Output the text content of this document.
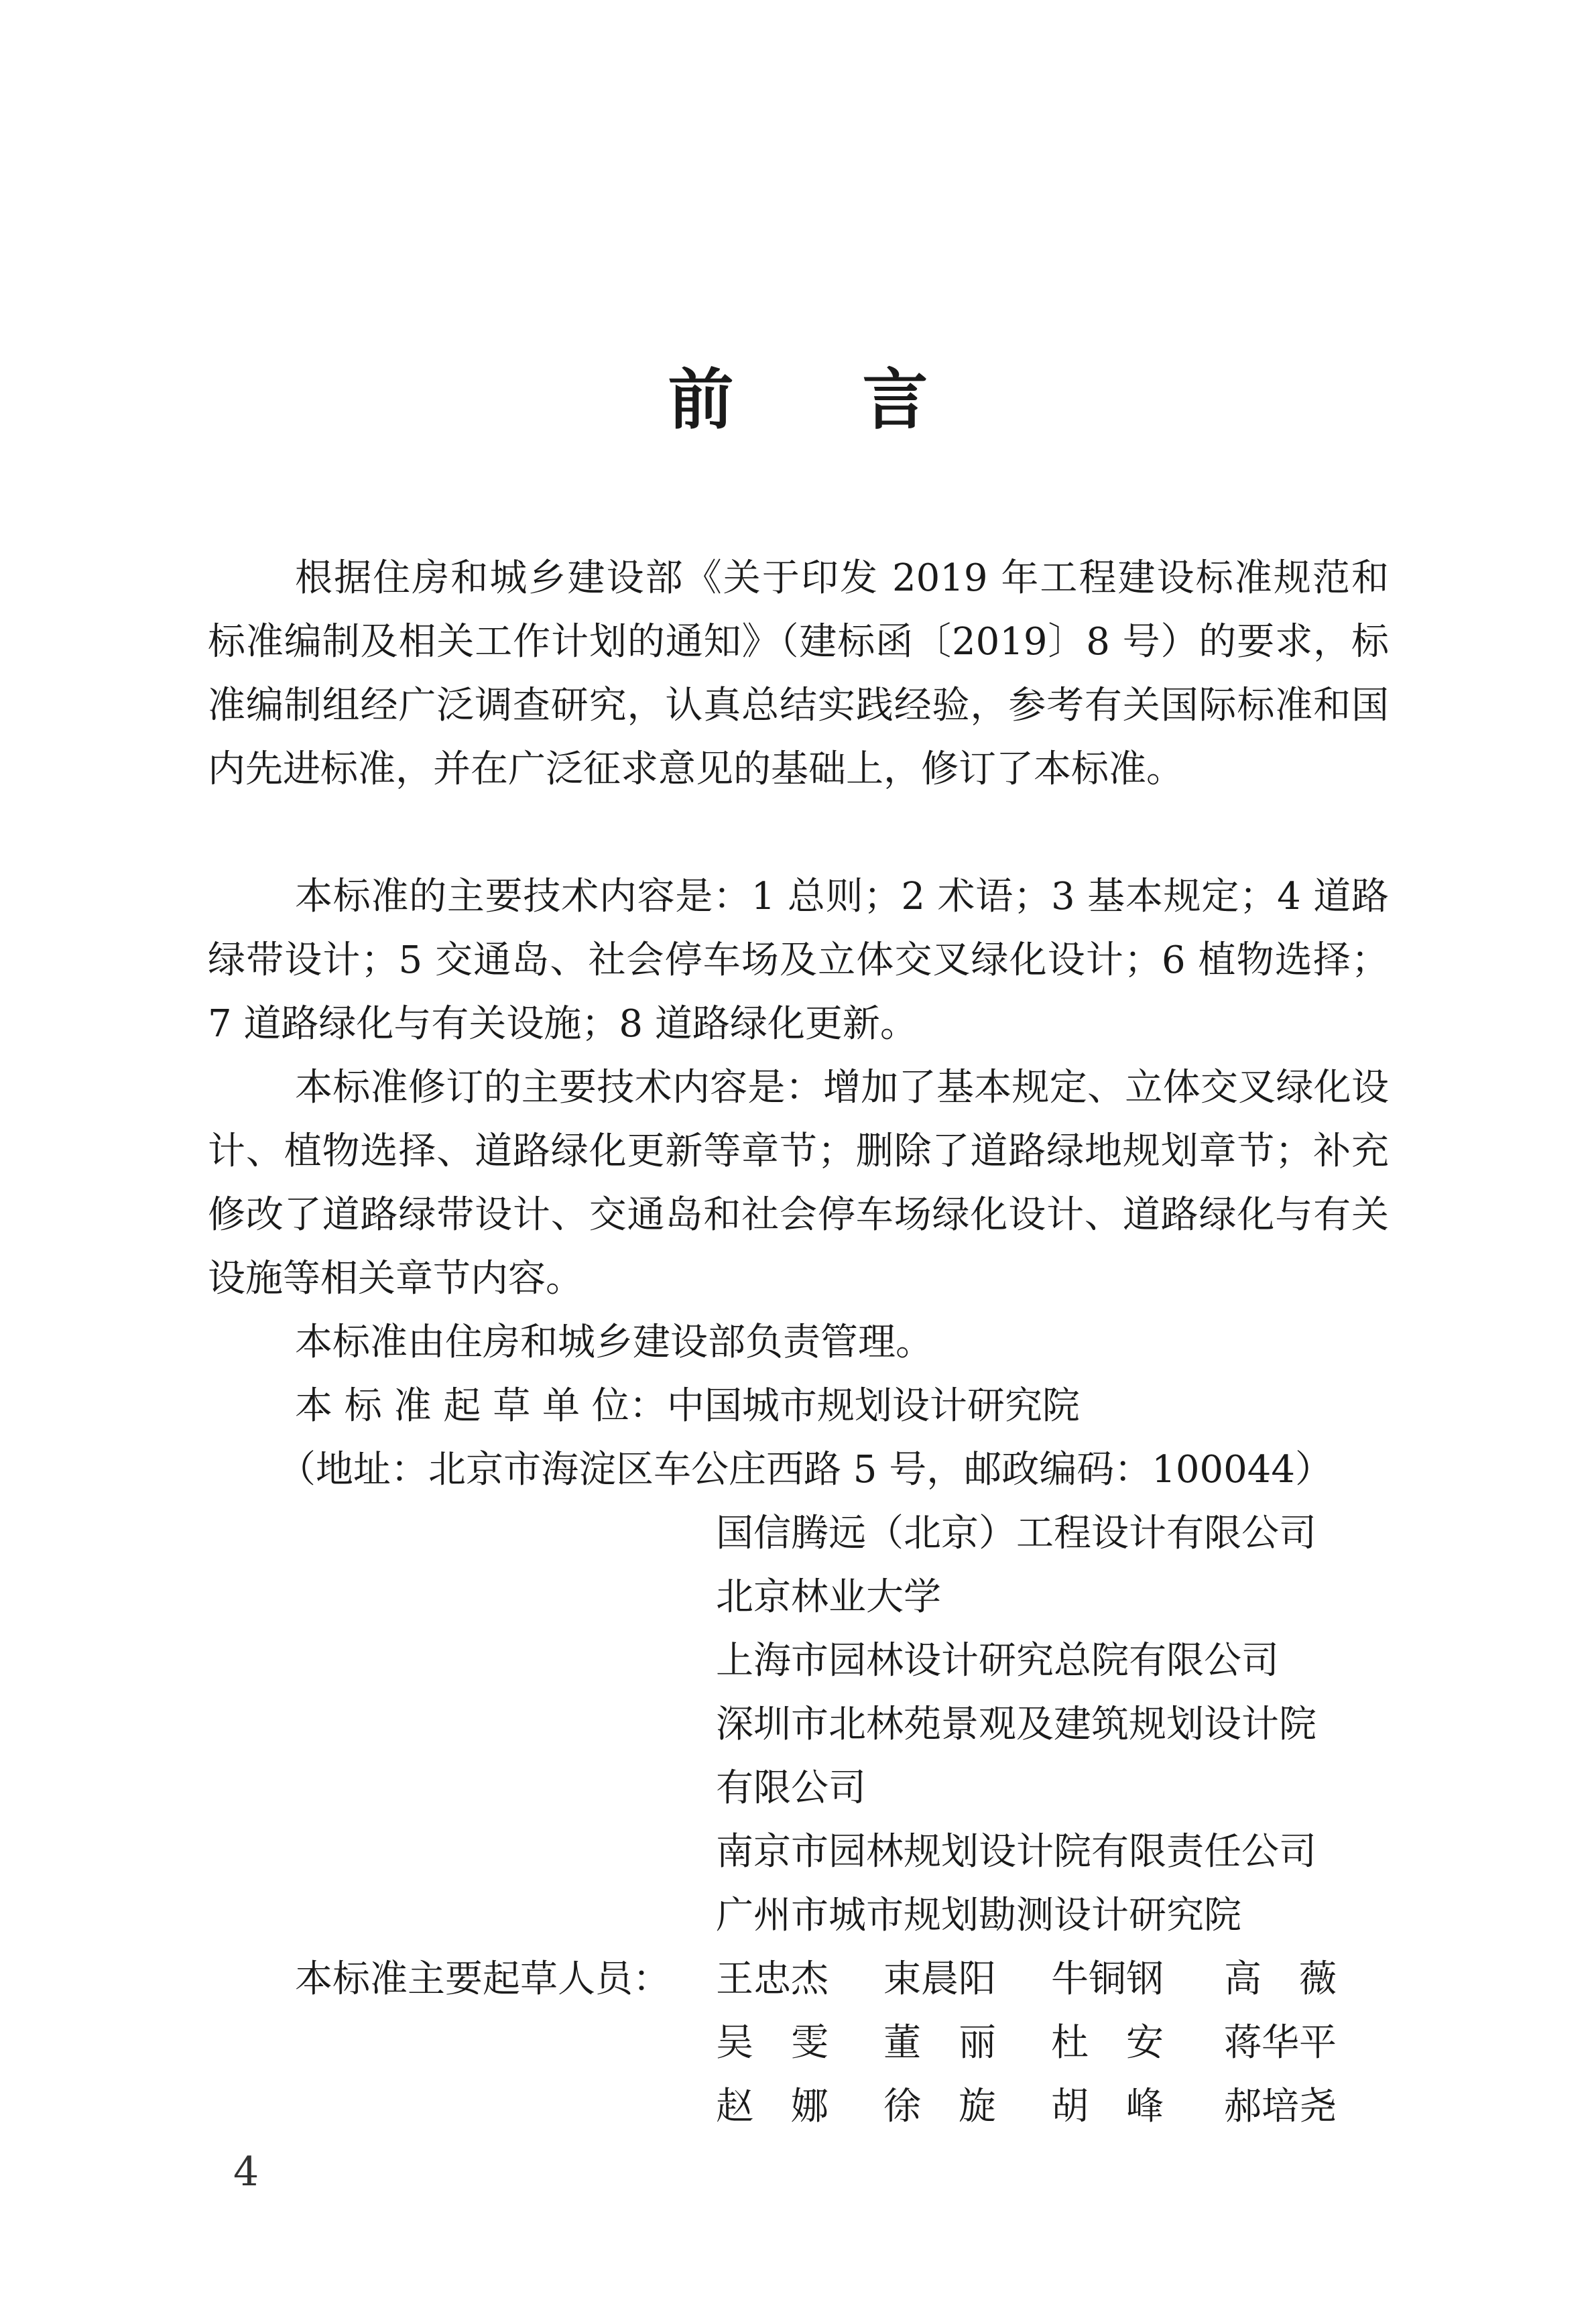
前 言

根据住房和城乡建设部《关于印发 2019 年工程建设标准规范和标准编制及相关工作计划的通知》（建标函〔2019〕8 号）的要求，标准编制组经广泛调查研究，认真总结实践经验，参考有关国际标准和国内先进标准，并在广泛征求意见的基础上，修订了本标准。

本标准的主要技术内容是：1 总则；2 术语；3 基本规定；4 道路绿带设计；5 交通岛、社会停车场及立体交叉绿化设计；6 植物选择；7 道路绿化与有关设施；8 道路绿化更新。

本标准修订的主要技术内容是：增加了基本规定、立体交叉绿化设计、植物选择、道路绿化更新等章节；删除了道路绿地规划章节；补充修改了道路绿带设计、交通岛和社会停车场绿化设计、道路绿化与有关设施等相关章节内容。

本标准由住房和城乡建设部负责管理。

本 标 准 起 草 单 位：中国城市规划设计研究院
（地址：北京市海淀区车公庄西路 5 号，邮政编码：100044）
国信腾远（北京）工程设计有限公司
北京林业大学
上海市园林设计研究总院有限公司
深圳市北林苑景观及建筑规划设计院
有限公司
南京市园林规划设计院有限责任公司
广州市城市规划勘测设计研究院
本标准主要起草人员： 王忠杰 束晨阳 牛铜钢 高　薇
吴　雯 董　丽 杜　安 蒋华平
赵　娜 徐　旋 胡　峰 郝培尧
4
